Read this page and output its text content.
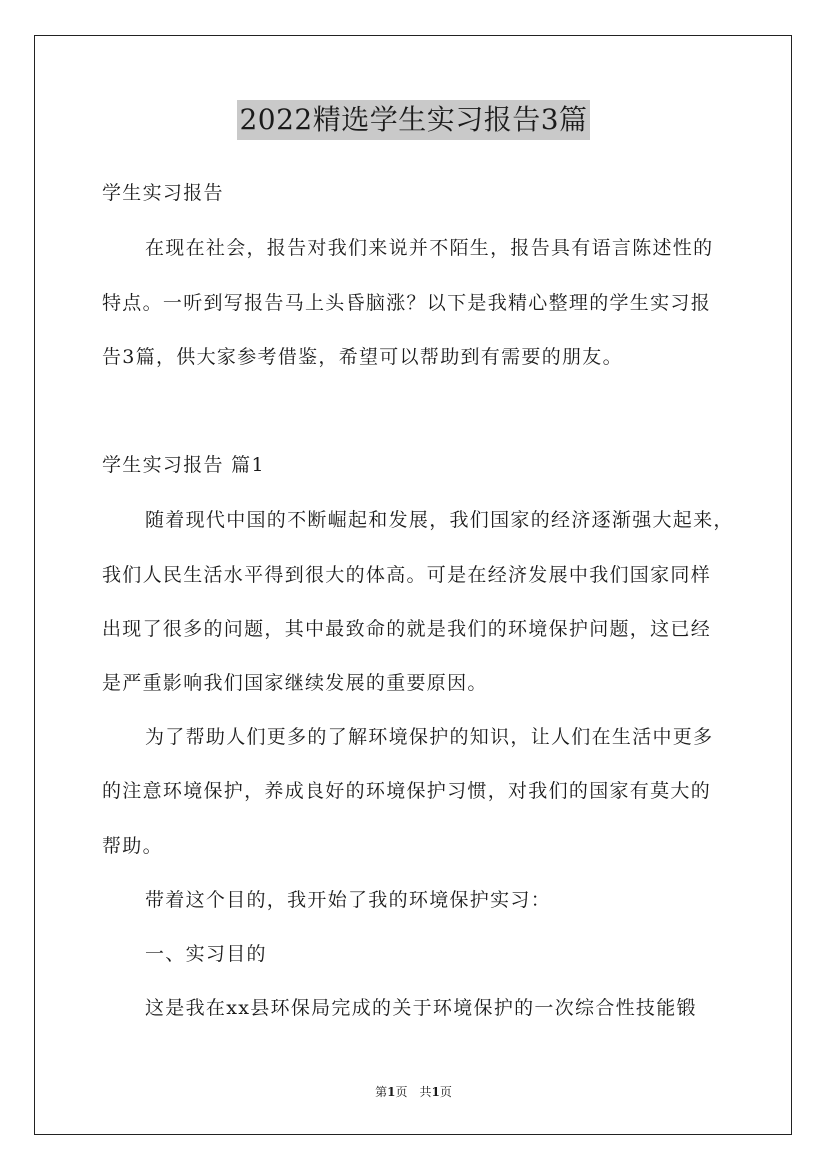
2022精选学生实习报告3篇
学生实习报告
在现在社会，报告对我们来说并不陌生，报告具有语言陈述性的
特点。一听到写报告马上头昏脑涨？以下是我精心整理的学生实习报
告3篇，供大家参考借鉴，希望可以帮助到有需要的朋友。
学生实习报告 篇1
随着现代中国的不断崛起和发展，我们国家的经济逐渐强大起来，
我们人民生活水平得到很大的体高。可是在经济发展中我们国家同样
出现了很多的问题，其中最致命的就是我们的环境保护问题，这已经
是严重影响我们国家继续发展的重要原因。
为了帮助人们更多的了解环境保护的知识，让人们在生活中更多
的注意环境保护，养成良好的环境保护习惯，对我们的国家有莫大的
帮助。
带着这个目的，我开始了我的环境保护实习：
一、实习目的
这是我在xx县环保局完成的关于环境保护的一次综合性技能锻
第1页　共1页
